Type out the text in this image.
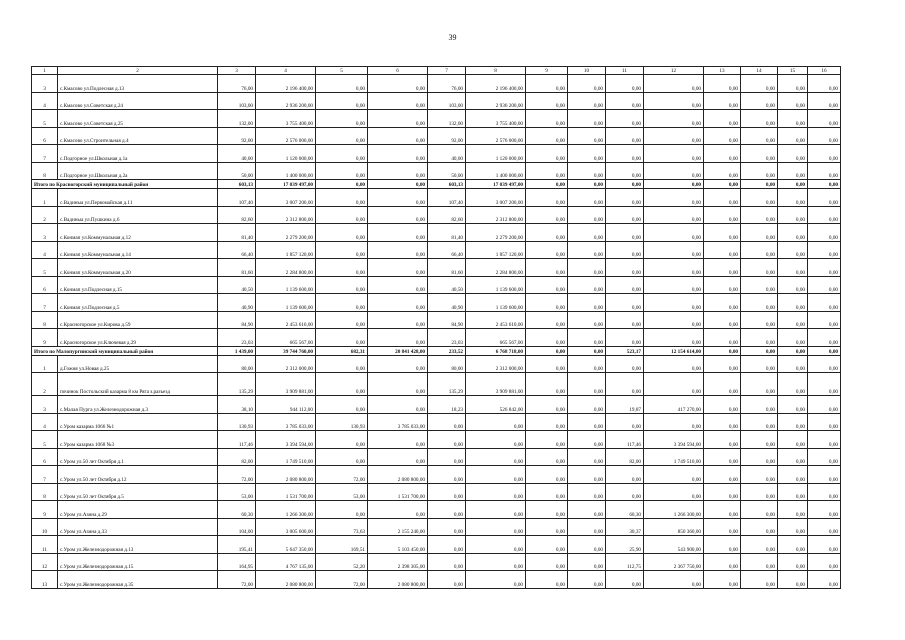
39
1	2	3	4	5	6	7	8	9	10	11	12	13	14	15	16
3	с.Кмасово ул.Подлесная д.13	76,00	2 196 400,00	0,00	0,00	76,00	2 196 400,00	0,00	0,00	0,00	0,00	0,00	0,00	0,00	0,00
4	с.Кмасово ул.Советская д.24	103,00	2 936 200,00	0,00	0,00	103,00	2 936 200,00	0,00	0,00	0,00	0,00	0,00	0,00	0,00	0,00
5	с.Кмасово ул.Советская д.25	132,00	3 755 400,00	0,00	0,00	132,00	3 755 400,00	0,00	0,00	0,00	0,00	0,00	0,00	0,00	0,00
6	с.Кмасово ул.Строительная д.4	92,00	2 576 000,00	0,00	0,00	92,00	2 576 000,00	0,00	0,00	0,00	0,00	0,00	0,00	0,00	0,00
7	с.Подгорное ул.Школьная д.1а	40,00	1 120 000,00	0,00	0,00	40,00	1 120 000,00	0,00	0,00	0,00	0,00	0,00	0,00	0,00	0,00
8	с.Подгорное ул.Школьная д.2а	50,00	1 400 000,00	0,00	0,00	50,00	1 400 000,00	0,00	0,00	0,00	0,00	0,00	0,00	0,00	0,00
Итого по Красногорский муниципальный район		603,13	17 039 497,00	0,00	0,00	603,13	17 039 497,00	0,00	0,00	0,00	0,00	0,00	0,00	0,00	0,00
1	с.Вадиныа ул.Первомайская д.11	107,40	3 007 200,00	0,00	0,00	107,40	3 007 200,00	0,00	0,00	0,00	0,00	0,00	0,00	0,00	0,00
2	с.Вадиныа ул.Пушкина д.6	82,60	2 312 800,00	0,00	0,00	82,60	2 312 800,00	0,00	0,00	0,00	0,00	0,00	0,00	0,00	0,00
3	с.Конмап ул.Коммунальная д.12	81,40	2 279 200,00	0,00	0,00	81,40	2 279 200,00	0,00	0,00	0,00	0,00	0,00	0,00	0,00	0,00
4	с.Конмап ул.Коммунальная д.14	66,40	1 857 120,00	0,00	0,00	66,40	1 857 120,00	0,00	0,00	0,00	0,00	0,00	0,00	0,00	0,00
5	с.Конмап ул.Коммунальная д.20	81,60	2 284 800,00	0,00	0,00	81,60	2 284 800,00	0,00	0,00	0,00	0,00	0,00	0,00	0,00	0,00
6	с.Конмап ул.Подлесная д.15	40,50	1 139 600,00	0,00	0,00	40,50	1 139 600,00	0,00	0,00	0,00	0,00	0,00	0,00	0,00	0,00
7	с.Конмап ул.Подлесная д.5	40,90	1 139 600,00	0,00	0,00	40,90	1 139 600,00	0,00	0,00	0,00	0,00	0,00	0,00	0,00	0,00
8	с.Красногорское ул.Кирова д.59	84,90	2 453 610,00	0,00	0,00	84,90	2 453 610,00	0,00	0,00	0,00	0,00	0,00	0,00	0,00	0,00
9	с.Красногорское ул.Ключевая д.29	23,03	665 567,00	0,00	0,00	23,03	665 567,00	0,00	0,00	0,00	0,00	0,00	0,00	0,00	0,00
Итого по Малопургинский муниципальный район		1 439,00	39 744 760,00	682,31	20 841 428,00	233,52	6 768 718,00	0,00	0,00	523,17	12 154 614,00	0,00	0,00	0,00	0,00
1	д.Гожня ул.Новая д.25	80,00	2 312 000,00	0,00	0,00	80,00	2 312 000,00	0,00	0,00	0,00	0,00	0,00	0,00	0,00	0,00
2	починок Постольский казарма 8 км Ряга з.разъезд	135,29	3 909 881,00	0,00	0,00	135,29	3 909 881,00	0,00	0,00	0,00	0,00	0,00	0,00	0,00	0,00
3	с.Малая Пурга ул.Железнодорожная д.3	38,10	944 112,00	0,00	0,00	18,23	526 842,00	0,00	0,00	19,87	417 270,00	0,00	0,00	0,00	0,00
4	с.Уром казарма 1066 №1	130,93	3 785 033,00	130,93	3 785 033,00	0,00	0,00	0,00	0,00	0,00	0,00	0,00	0,00	0,00	0,00
5	с.Уром казарма 1068 №3	117,46	3 394 594,00	0,00	0,00	0,00	0,00	0,00	0,00	117,46	3 394 594,00	0,00	0,00	0,00	0,00
6	с.Уром ул.50 лет Октября д.1	82,00	1 749 510,00	0,00	0,00	0,00	0,00	0,00	0,00	82,00	1 749 510,00	0,00	0,00	0,00	0,00
7	с.Уром ул.50 лет Октября д.12	72,00	2 080 800,00	72,00	2 080 800,00	0,00	0,00	0,00	0,00	0,00	0,00	0,00	0,00	0,00	0,00
8	с.Уром ул.50 лет Октября д.5	53,00	1 531 700,00	53,00	1 531 700,00	0,00	0,00	0,00	0,00	0,00	0,00	0,00	0,00	0,00	0,00
9	с.Уром ул.Азина д.29	60,30	1 266 300,00	0,00	0,00	0,00	0,00	0,00	0,00	60,30	1 266 300,00	0,00	0,00	0,00	0,00
10	с.Уром ул.Азина д.33	104,00	3 005 600,00	73,63	2 155 240,00	0,00	0,00	0,00	0,00	30,37	850 360,00	0,00	0,00	0,00	0,00
11	с.Уром ул.Железнодорожная д.13	195,41	5 647 350,00	169,51	5 103 450,00	0,00	0,00	0,00	0,00	25,90	543 900,00	0,00	0,00	0,00	0,00
12	с.Уром ул.Железнодорожная д.15	164,95	4 767 135,00	52,20	2 398 305,00	0,00	0,00	0,00	0,00	112,75	2 367 750,00	0,00	0,00	0,00	0,00
13	с.Уром ул.Железнодорожная д.35	72,00	2 080 800,00	72,00	2 080 800,00	0,00	0,00	0,00	0,00	0,00	0,00	0,00	0,00	0,00	0,00
